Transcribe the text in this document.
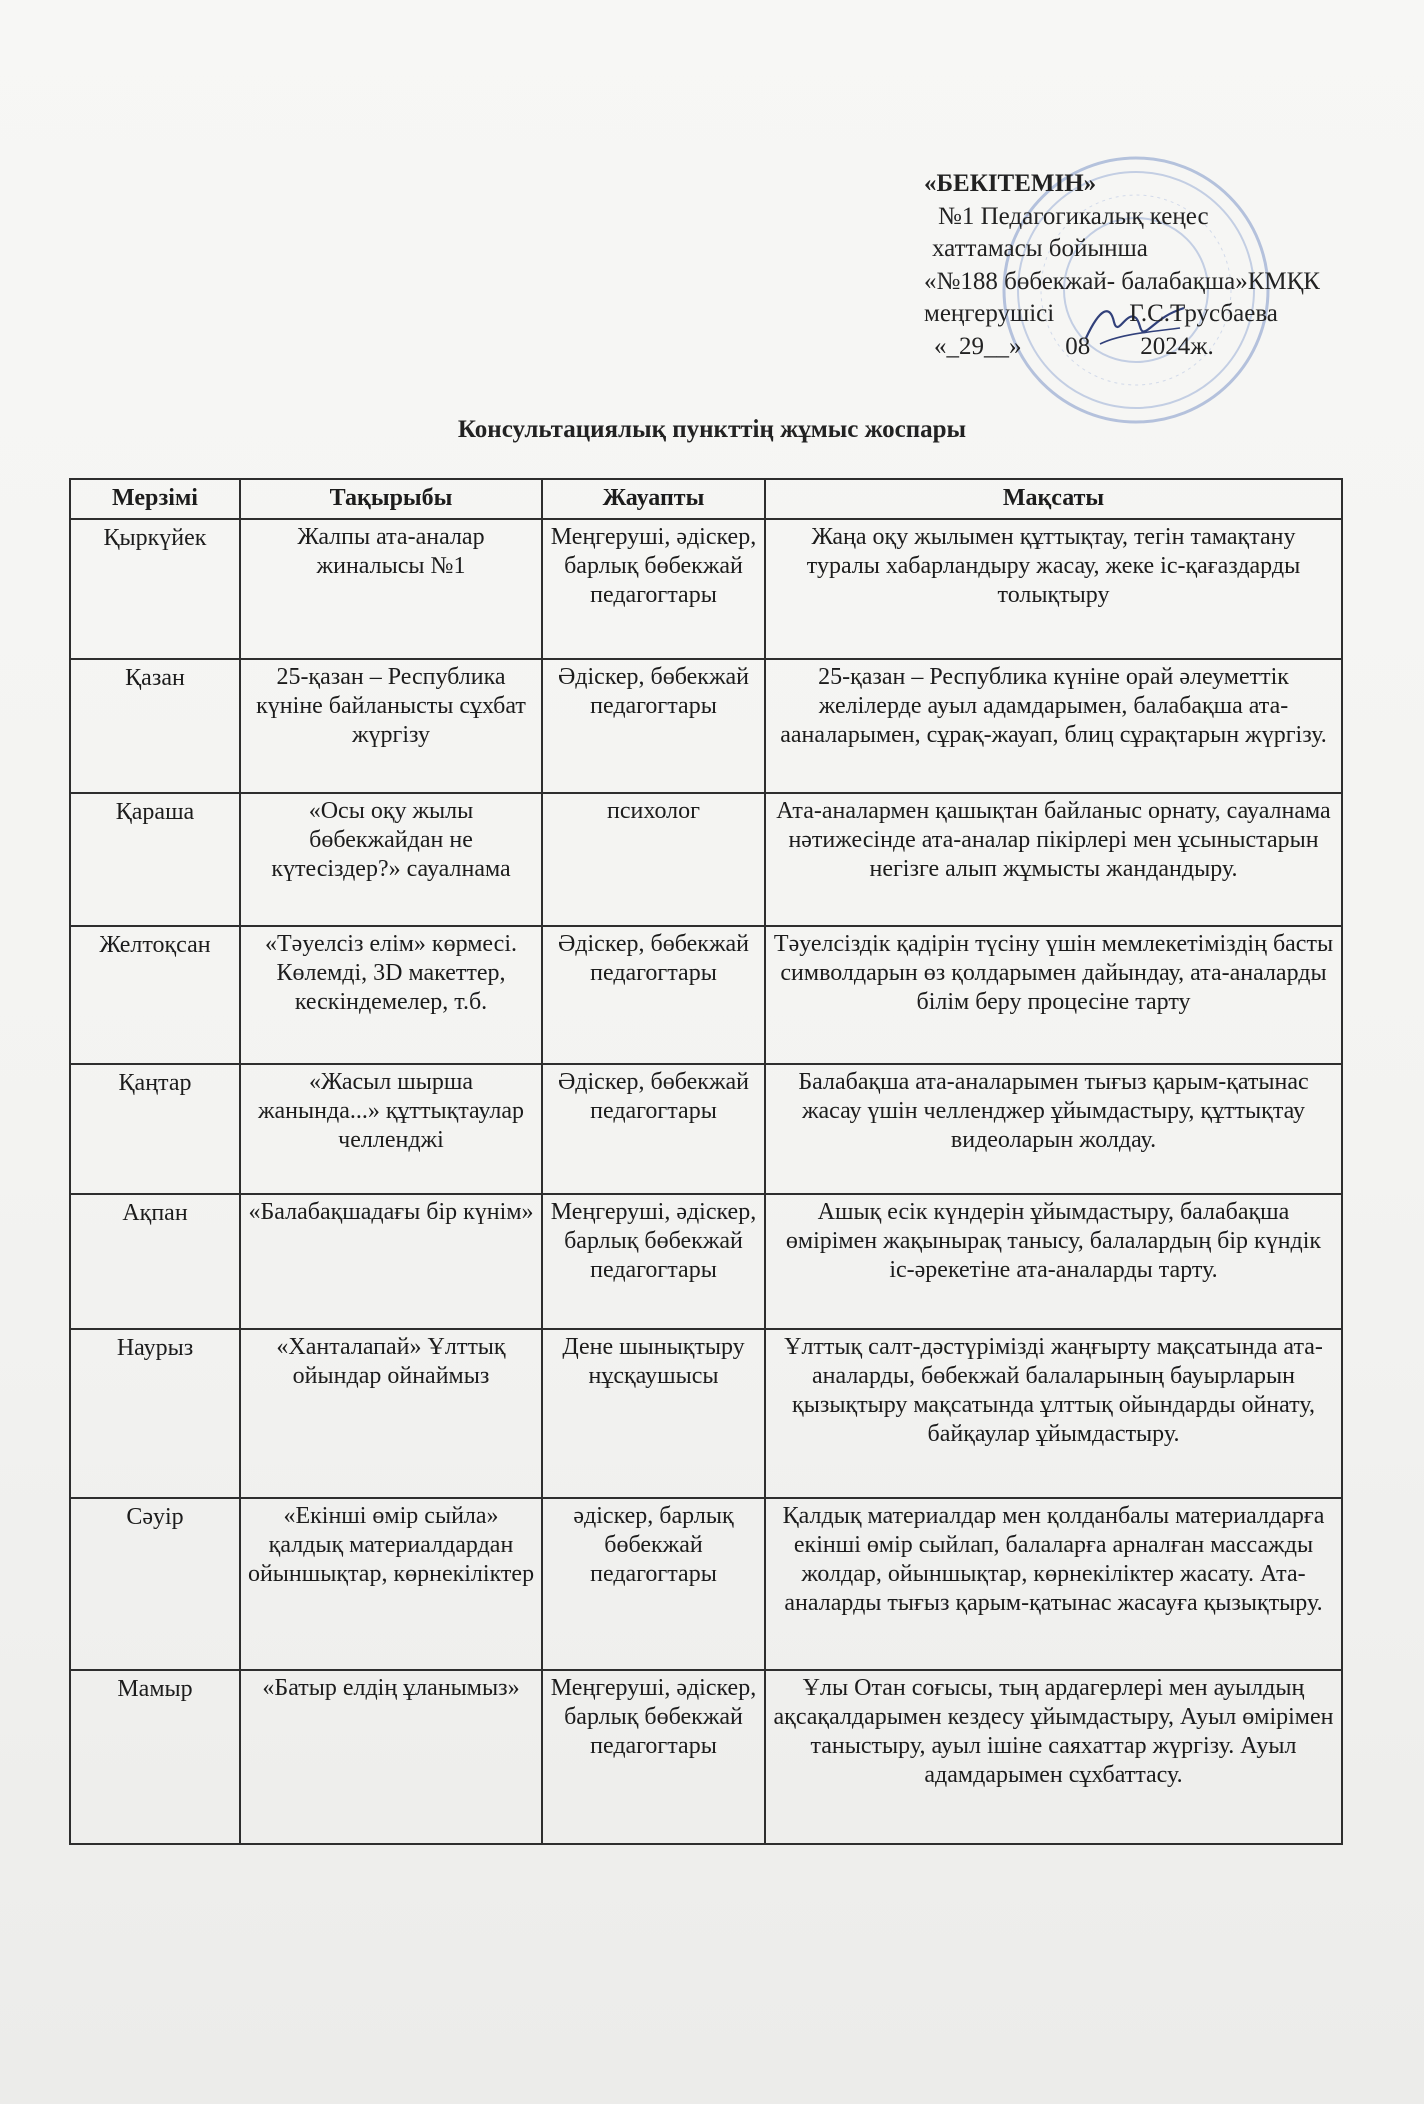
«БЕКІТЕМІН»
№1 Педагогикалық кеңес
хаттамасы бойынша
«№188 бөбекжай- балабақша»КМҚК
меңгерушісі            Г.С.Трусбаева
«_29__»       08        2024ж.
Консультациялық пункттің жұмыс жоспары
Мерзімі	Тақырыбы	Жауапты	Мақсаты
Қыркүйек	Жалпы ата-аналар жиналысы №1	Меңгеруші, әдіскер, барлық бөбекжай педагогтары	Жаңа оқу жылымен құттықтау, тегін тамақтану туралы хабарландыру жасау, жеке іс-қағаздарды толықтыру
Қазан	25-қазан – Республика күніне байланысты сұхбат жүргізу	Әдіскер, бөбекжай педагогтары	25-қазан – Республика күніне орай әлеуметтік желілерде ауыл адамдарымен, балабақша ата-ааналарымен, сұрақ-жауап, блиц сұрақтарын жүргізу.
Қараша	«Осы оқу жылы бөбекжайдан не күтесіздер?» сауалнама	психолог	Ата-аналармен қашықтан байланыс орнату, сауалнама нәтижесінде ата-аналар пікірлері мен ұсыныстарын негізге алып жұмысты жандандыру.
Желтоқсан	«Тәуелсіз елім» көрмесі. Көлемді, 3D макеттер, кескіндемелер, т.б.	Әдіскер, бөбекжай педагогтары	Тәуелсіздік қадірін түсіну үшін мемлекетіміздің басты символдарын өз қолдарымен дайындау, ата-аналарды білім беру процесіне тарту
Қаңтар	«Жасыл шырша жанында...» құттықтаулар челленджі	Әдіскер, бөбекжай педагогтары	Балабақша ата-аналарымен тығыз қарым-қатынас жасау үшін челленджер ұйымдастыру, құттықтау видеоларын жолдау.
Ақпан	«Балабақшадағы бір күнім»	Меңгеруші, әдіскер, барлық бөбекжай педагогтары	Ашық есік күндерін ұйымдастыру, балабақша өмірімен жақынырақ танысу, балалардың бір күндік іс-әрекетіне ата-аналарды тарту.
Наурыз	«Ханталапай» Ұлттық ойындар ойнаймыз	Дене шынықтыру нұсқаушысы	Ұлттық салт-дәстүрімізді жаңғырту мақсатында ата-аналарды, бөбекжай балаларының бауырларын қызықтыру мақсатында ұлттық ойындарды ойнату, байқаулар ұйымдастыру.
Сәуір	«Екінші өмір сыйла» қалдық материалдардан ойыншықтар, көрнекіліктер	әдіскер, барлық бөбекжай педагогтары	Қалдық материалдар мен қолданбалы материалдарға екінші өмір сыйлап, балаларға арналған массажды жолдар, ойыншықтар, көрнекіліктер жасату. Ата-аналарды тығыз қарым-қатынас жасауға қызықтыру.
Мамыр	«Батыр елдің ұланымыз»	Меңгеруші, әдіскер, барлық бөбекжай педагогтары	Ұлы Отан соғысы, тың ардагерлері мен ауылдың ақсақалдарымен кездесу ұйымдастыру, Ауыл өмірімен таныстыру, ауыл ішіне саяхаттар жүргізу. Ауыл адамдарымен сұхбаттасу.
